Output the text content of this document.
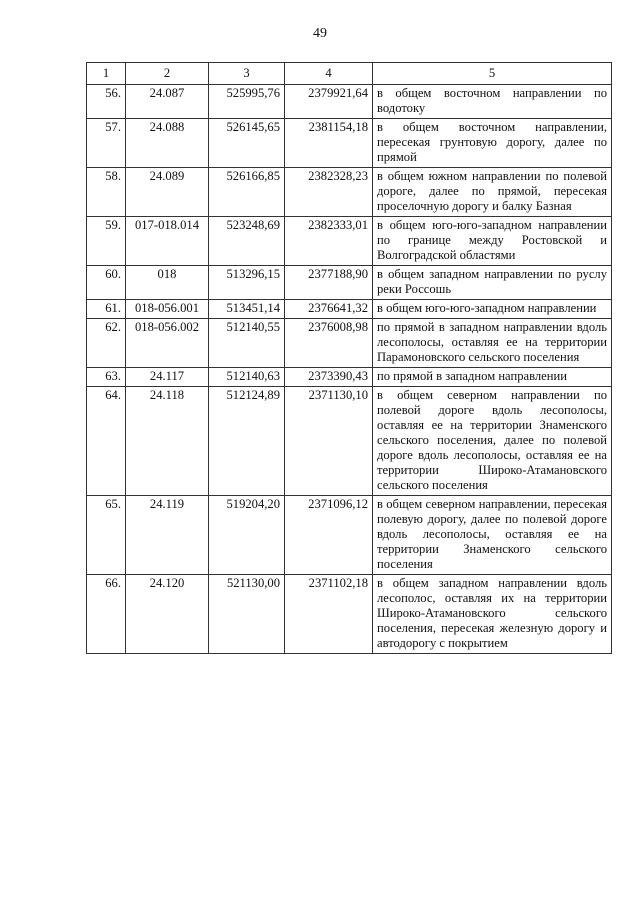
49
1	2	3	4	5
56.	24.087	525995,76	2379921,64	в общем восточном направлении по водотоку
57.	24.088	526145,65	2381154,18	в общем восточном направлении, пересекая грунтовую дорогу, далее по прямой
58.	24.089	526166,85	2382328,23	в общем южном направлении по полевой дороге, далее по прямой, пересекая проселочную дорогу и балку Базная
59.	017-018.014	523248,69	2382333,01	в общем юго-юго-западном направлении по границе между Ростовской и Волгоградской областями
60.	018	513296,15	2377188,90	в общем западном направлении по руслу реки Россошь
61.	018-056.001	513451,14	2376641,32	в общем юго-юго-западном направлении
62.	018-056.002	512140,55	2376008,98	по прямой в западном направлении вдоль лесополосы, оставляя ее на территории Парамоновского сельского поселения
63.	24.117	512140,63	2373390,43	по прямой в западном направлении
64.	24.118	512124,89	2371130,10	в общем северном направлении по полевой дороге вдоль лесополосы, оставляя ее на территории Знаменского сельского поселения, далее по полевой дороге вдоль лесополосы, оставляя ее на территории Широко-Атамановского сельского поселения
65.	24.119	519204,20	2371096,12	в общем северном направлении, пересекая полевую дорогу, далее по полевой дороге вдоль лесополосы, оставляя ее на территории Знаменского сельского поселения
66.	24.120	521130,00	2371102,18	в общем западном направлении вдоль лесополос, оставляя их на территории Широко-Атамановского сельского поселения, пересекая железную дорогу и автодорогу с покрытием
